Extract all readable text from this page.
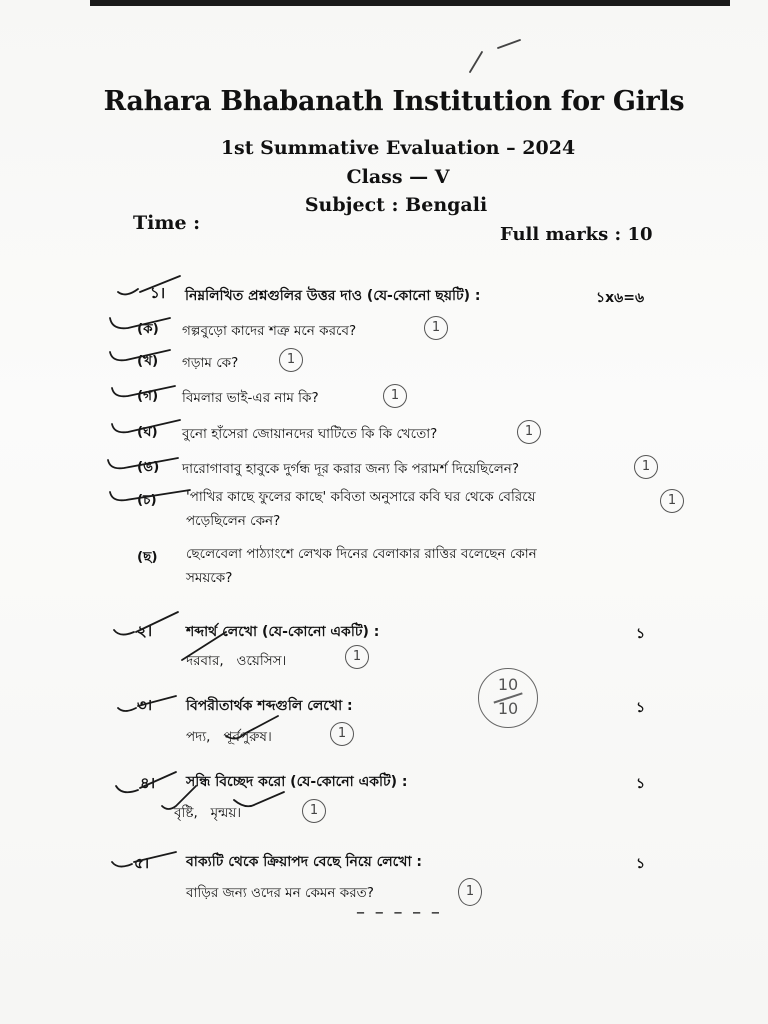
Rahara Bhabanath Institution for Girls
1st Summative Evaluation – 2024
Class — V
Subject : Bengali
Time :
Full marks : 10
১। নিম্নলিখিত প্রশ্নগুলির উত্তর দাও (যে-কোনো ছয়টি) :	১x৬=৬
(ক) গল্পবুড়ো কাদের শত্রু মনে করবে?	1
(খ) গড়াম কে?	1
(গ) বিমলার ভাই-এর নাম কি?	1
(ঘ) বুনো হাঁসেরা জোয়ানদের ঘাটিতে কি কি খেতো?	1
(ঙ) দারোগাবাবু হাবুকে দুর্গন্ধ দূর করার জন্য কি পরামর্শ দিয়েছিলেন?	1
(চ) 'পাখির কাছে ফুলের কাছে' কবিতা অনুসারে কবি ঘর থেকে বেরিয়ে
পড়েছিলেন কেন?
1
(ছ) ছেলেবেলা পাঠ্যাংশে লেখক দিনের বেলাকার রাত্তির বলেছেন কোন
সময়কে?
২। শব্দার্থ লেখো (যে-কোনো একটি) :	১
দরবার,   ওয়েসিস।	1
৩। বিপরীতার্থক শব্দগুলি লেখো :	১
পদ্য,   পূর্বপুরুষ।	1
৪। সন্ধি বিচ্ছেদ করো (যে-কোনো একটি) :	১
বৃষ্টি,   মৃন্ময়।	1
৫।	বাক্যটি থেকে ক্রিয়াপদ বেছে নিয়ে লেখো :	১
বাড়ির জন্য ওদের মন কেমন করত?	1
10
10
– – – – –
